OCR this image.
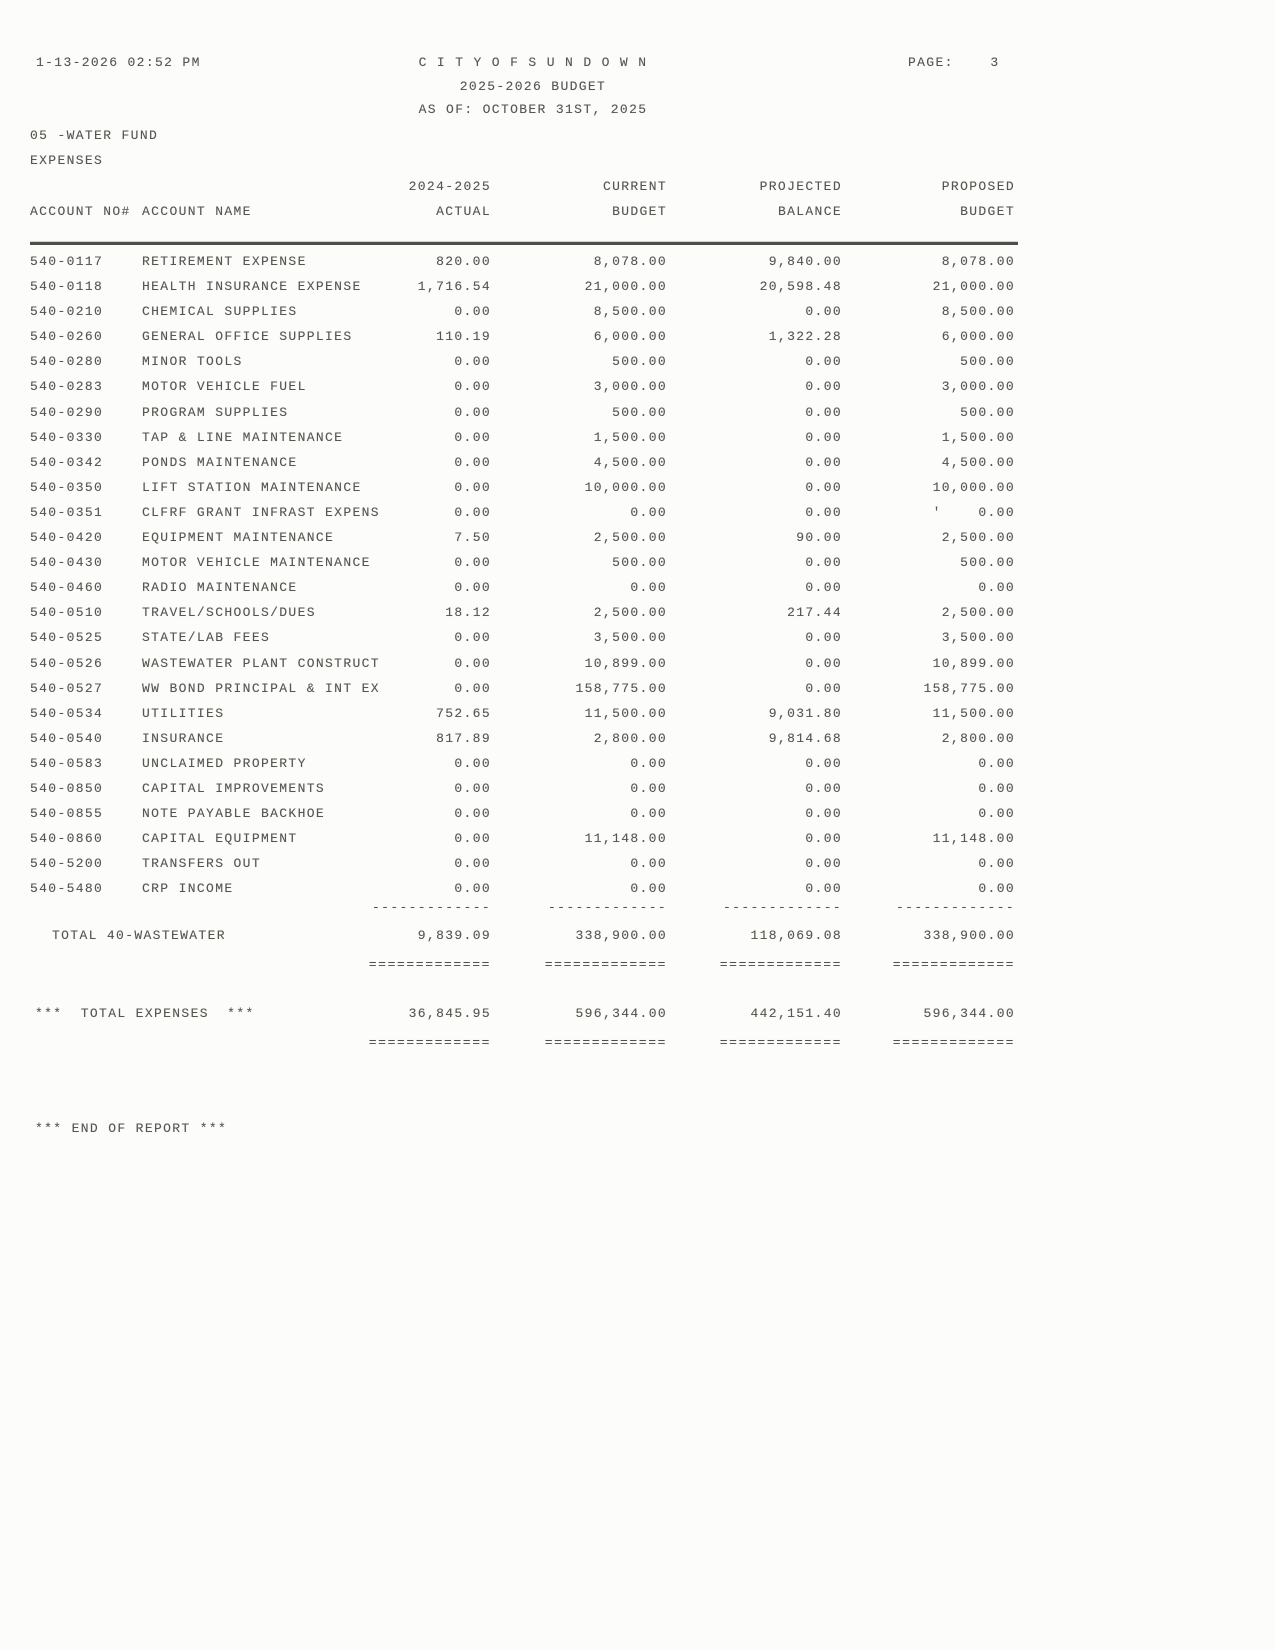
1-13-2026 02:52 PM	C I T Y O F S U N D O W N	PAGE:    3
2025-2026 BUDGET
AS OF: OCTOBER 31ST, 2025
05 -WATER FUND
EXPENSES
2024-2025	CURRENT	PROJECTED	PROPOSED
ACCOUNT NO# ACCOUNT NAME	ACTUAL	BUDGET	BALANCE	BUDGET
540-0117	RETIREMENT EXPENSE	820.00	8,078.00	9,840.00	8,078.00
540-0118	HEALTH INSURANCE EXPENSE	1,716.54	21,000.00	20,598.48	21,000.00
540-0210	CHEMICAL SUPPLIES	0.00	8,500.00	0.00	8,500.00
540-0260	GENERAL OFFICE SUPPLIES	110.19	6,000.00	1,322.28	6,000.00
540-0280	MINOR TOOLS	0.00	500.00	0.00	500.00
540-0283	MOTOR VEHICLE FUEL	0.00	3,000.00	0.00	3,000.00
540-0290	PROGRAM SUPPLIES	0.00	500.00	0.00	500.00
540-0330	TAP & LINE MAINTENANCE	0.00	1,500.00	0.00	1,500.00
540-0342	PONDS MAINTENANCE	0.00	4,500.00	0.00	4,500.00
540-0350	LIFT STATION MAINTENANCE	0.00	10,000.00	0.00	10,000.00
540-0351	CLFRF GRANT INFRAST EXPENS	0.00	0.00	0.00	'    0.00
540-0420	EQUIPMENT MAINTENANCE	7.50	2,500.00	90.00	2,500.00
540-0430	MOTOR VEHICLE MAINTENANCE	0.00	500.00	0.00	500.00
540-0460	RADIO MAINTENANCE	0.00	0.00	0.00	0.00
540-0510	TRAVEL/SCHOOLS/DUES	18.12	2,500.00	217.44	2,500.00
540-0525	STATE/LAB FEES	0.00	3,500.00	0.00	3,500.00
540-0526	WASTEWATER PLANT CONSTRUCT	0.00	10,899.00	0.00	10,899.00
540-0527	WW BOND PRINCIPAL & INT EX	0.00	158,775.00	0.00	158,775.00
540-0534	UTILITIES	752.65	11,500.00	9,031.80	11,500.00
540-0540	INSURANCE	817.89	2,800.00	9,814.68	2,800.00
540-0583	UNCLAIMED PROPERTY	0.00	0.00	0.00	0.00
540-0850	CAPITAL IMPROVEMENTS	0.00	0.00	0.00	0.00
540-0855	NOTE PAYABLE BACKHOE	0.00	0.00	0.00	0.00
540-0860	CAPITAL EQUIPMENT	0.00	11,148.00	0.00	11,148.00
540-5200	TRANSFERS OUT	0.00	0.00	0.00	0.00
540-5480	CRP INCOME	0.00	0.00	0.00	0.00
-------------	-------------	-------------	-------------
TOTAL 40-WASTEWATER	9,839.09	338,900.00	118,069.08	338,900.00
=============	=============	=============	=============
***  TOTAL EXPENSES  ***	36,845.95	596,344.00	442,151.40	596,344.00
=============	=============	=============	=============
*** END OF REPORT ***
